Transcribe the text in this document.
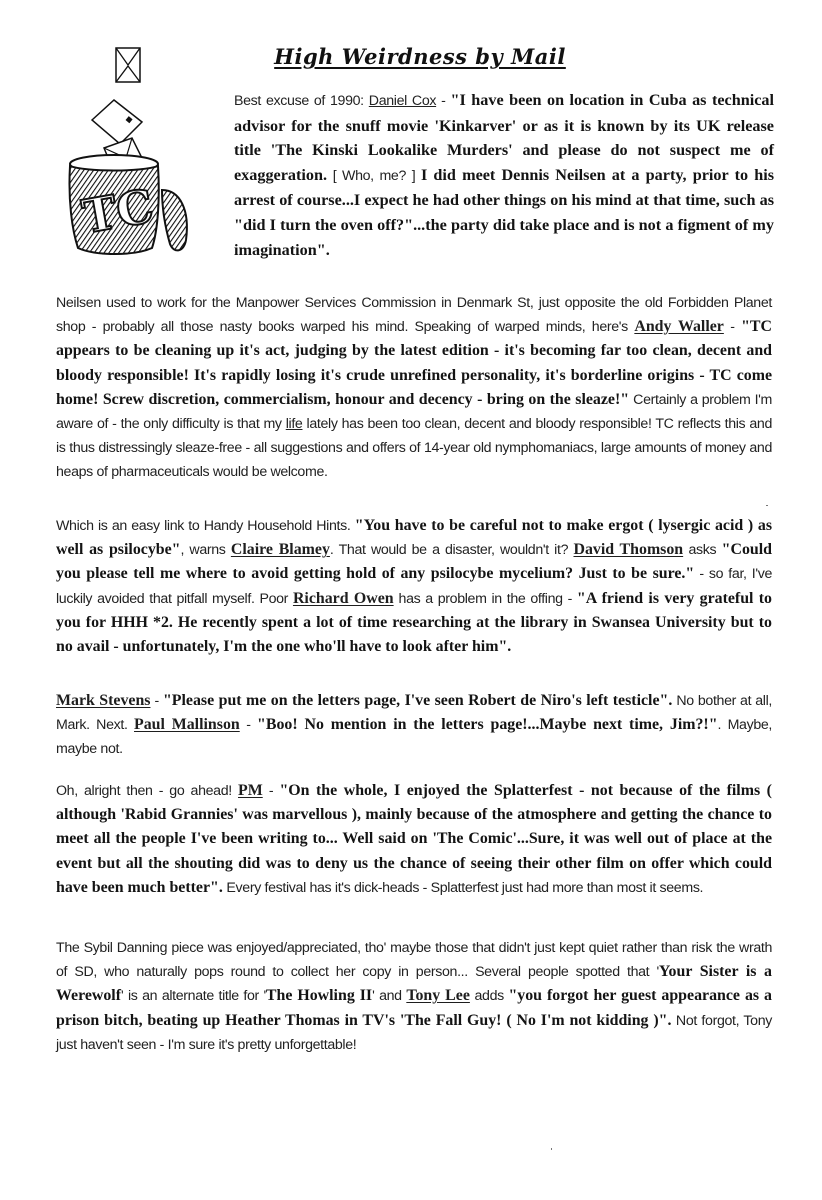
TC
High Weirdness by Mail
Best excuse of 1990: Daniel Cox - "I have been on location in Cuba as technical advisor for the snuff movie 'Kinkarver' or as it is known by its UK release title 'The Kinski Lookalike Murders' and please do not suspect me of exaggeration. [ Who, me? ] I did meet Dennis Neilsen at a party, prior to his arrest of course...I expect he had other things on his mind at that time, such as "did I turn the oven off?"...the party did take place and is not a figment of my imagination".
Neilsen used to work for the Manpower Services Commission in Denmark St, just opposite the old Forbidden Planet shop - probably all those nasty books warped his mind. Speaking of warped minds, here's Andy Waller - "TC appears to be cleaning up it's act, judging by the latest edition - it's becoming far too clean, decent and bloody responsible! It's rapidly losing it's crude unrefined personality, it's borderline origins - TC come home! Screw discretion, commercialism, honour and decency - bring on the sleaze!" Certainly a problem I'm aware of - the only difficulty is that my life lately has been too clean, decent and bloody responsible! TC reflects this and is thus distressingly sleaze-free - all suggestions and offers of 14-year old nymphomaniacs, large amounts of money and heaps of pharmaceuticals would be welcome.
Which is an easy link to Handy Household Hints. "You have to be careful not to make ergot ( lysergic acid ) as well as psilocybe", warns Claire Blamey. That would be a disaster, wouldn't it? David Thomson asks "Could you please tell me where to avoid getting hold of any psilocybe mycelium? Just to be sure." - so far, I've luckily avoided that pitfall myself. Poor Richard Owen has a problem in the offing - "A friend is very grateful to you for HHH *2. He recently spent a lot of time researching at the library in Swansea University but to no avail - unfortunately, I'm the one who'll have to look after him".
Mark Stevens - "Please put me on the letters page, I've seen Robert de Niro's left testicle". No bother at all, Mark. Next. Paul Mallinson - "Boo! No mention in the letters page!...Maybe next time, Jim?!". Maybe, maybe not.
Oh, alright then - go ahead! PM - "On the whole, I enjoyed the Splatterfest - not because of the films ( although 'Rabid Grannies' was marvellous ), mainly because of the atmosphere and getting the chance to meet all the people I've been writing to... Well said on 'The Comic'...Sure, it was well out of place at the event but all the shouting did was to deny us the chance of seeing their other film on offer which could have been much better". Every festival has it's dick-heads - Splatterfest just had more than most it seems.
The Sybil Danning piece was enjoyed/appreciated, tho' maybe those that didn't just kept quiet rather than risk the wrath of SD, who naturally pops round to collect her copy in person... Several people spotted that 'Your Sister is a Werewolf' is an alternate title for 'The Howling II' and Tony Lee adds "you forgot her guest appearance as a prison bitch, beating up Heather Thomas in TV's 'The Fall Guy! ( No I'm not kidding )". Not forgot, Tony just haven't seen - I'm sure it's pretty unforgettable!
